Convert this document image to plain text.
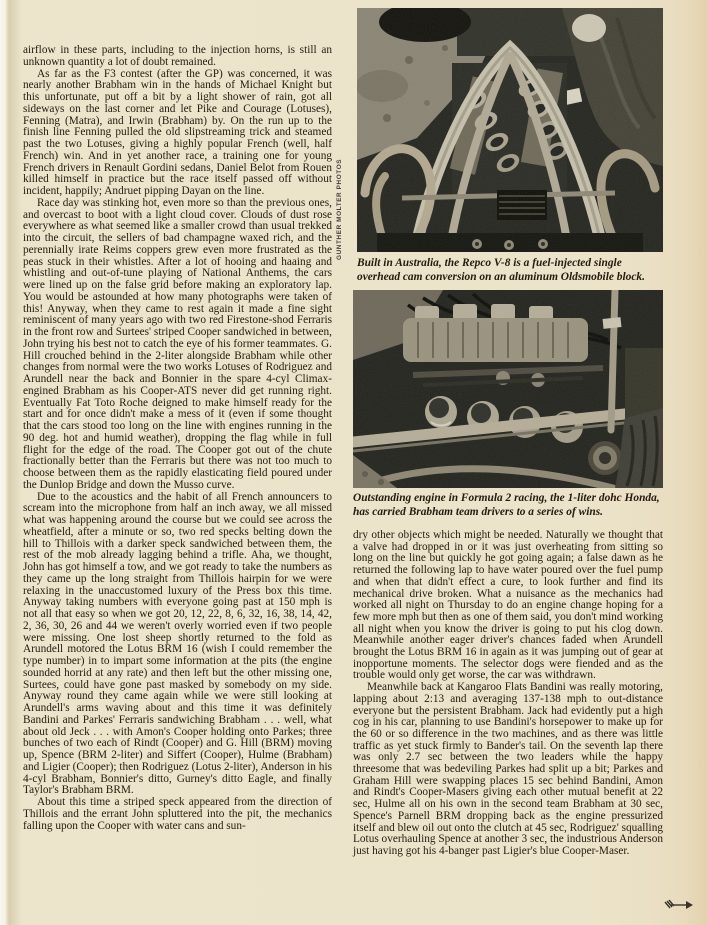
airflow in these parts, including to the injection horns, is still an unknown quantity a lot of doubt remained.

As far as the F3 contest (after the GP) was concerned, it was nearly another Brabham win in the hands of Michael Knight but this unfortunate, put off a bit by a light shower of rain, got all sideways on the last corner and let Pike and Courage (Lotuses), Fenning (Matra), and Irwin (Brabham) by. On the run up to the finish line Fenning pulled the old slipstreaming trick and steamed past the two Lotuses, giving a highly popular French (well, half French) win. And in yet another race, a training one for young French drivers in Renault Gordini sedans, Daniel Belot from Rouen killed himself in practice but the race itself passed off without incident, happily; Andruet pipping Dayan on the line.

Race day was stinking hot, even more so than the previous ones, and overcast to boot with a light cloud cover. Clouds of dust rose everywhere as what seemed like a smaller crowd than usual trekked into the circuit, the sellers of bad champagne waxed rich, and the perennially irate Reims coppers grew even more frustrated as the peas stuck in their whistles. After a lot of hooing and haaing and whistling and out-of-tune playing of National Anthems, the cars were lined up on the false grid before making an exploratory lap. You would be astounded at how many photographs were taken of this! Anyway, when they came to rest again it made a fine sight reminiscent of many years ago with two red Firestone-shod Ferraris in the front row and Surtees' striped Cooper sandwiched in between, John trying his best not to catch the eye of his former teammates. G. Hill crouched behind in the 2-liter alongside Brabham while other changes from normal were the two works Lotuses of Rodriguez and Arundell near the back and Bonnier in the spare 4-cyl Climax-engined Brabham as his Cooper-ATS never did get running right. Eventually Fat Toto Roche deigned to make himself ready for the start and for once didn't make a mess of it (even if some thought that the cars stood too long on the line with engines running in the 90 deg. hot and humid weather), dropping the flag while in full flight for the edge of the road. The Cooper got out of the chute fractionally better than the Ferraris but there was not too much to choose between them as the rapidly elasticating field poured under the Dunlop Bridge and down the Musso curve.

Due to the acoustics and the habit of all French announcers to scream into the microphone from half an inch away, we all missed what was happening around the course but we could see across the wheatfield, after a minute or so, two red specks belting down the hill to Thillois with a darker speck sandwiched between them, the rest of the mob already lagging behind a trifle. Aha, we thought, John has got himself a tow, and we got ready to take the numbers as they came up the long straight from Thillois hairpin for we were relaxing in the unaccustomed luxury of the Press box this time. Anyway taking numbers with everyone going past at 150 mph is not all that easy so when we got 20, 12, 22, 8, 6, 32, 16, 38, 14, 42, 2, 36, 30, 26 and 44 we weren't overly worried even if two people were missing. One lost sheep shortly returned to the fold as Arundell motored the Lotus BRM 16 (wish I could remember the type number) in to impart some information at the pits (the engine sounded horrid at any rate) and then left but the other missing one, Surtees, could have gone past masked by somebody on my side. Anyway round they came again while we were still looking at Arundell's arms waving about and this time it was definitely Bandini and Parkes' Ferraris sandwiching Brabham . . . well, what about old Jeck . . . with Amon's Cooper holding onto Parkes; three bunches of two each of Rindt (Cooper) and G. Hill (BRM) moving up, Spence (BRM 2-liter) and Siffert (Cooper), Hulme (Brabham) and Ligier (Cooper); then Rodriguez (Lotus 2-liter), Anderson in his 4-cyl Brabham, Bonnier's ditto, Gurney's ditto Eagle, and finally Taylor's Brabham BRM.

About this time a striped speck appeared from the direction of Thillois and the errant John spluttered into the pit, the mechanics falling upon the Cooper with water cans and sun-

GUNTHER MOLTER PHOTOS
Built in Australia, the Repco V-8 is a fuel-injected single overhead cam conversion on an aluminum Oldsmobile block.
Outstanding engine in Formula 2 racing, the 1-liter dohc Honda, has carried Brabham team drivers to a series of wins.

dry other objects which might be needed. Naturally we thought that a valve had dropped in or it was just overheating from sitting so long on the line but quickly he got going again; a false dawn as he returned the following lap to have water poured over the fuel pump and when that didn't effect a cure, to look further and find its mechanical drive broken. What a nuisance as the mechanics had worked all night on Thursday to do an engine change hoping for a few more mph but then as one of them said, you don't mind working all night when you know the driver is going to put his clog down. Meanwhile another eager driver's chances faded when Arundell brought the Lotus BRM 16 in again as it was jumping out of gear at inopportune moments. The selector dogs were fiended and as the trouble would only get worse, the car was withdrawn.

Meanwhile back at Kangaroo Flats Bandini was really motoring, lapping about 2:13 and averaging 137-138 mph to out-distance everyone but the persistent Brabham. Jack had evidently put a high cog in his car, planning to use Bandini's horsepower to make up for the 60 or so difference in the two machines, and as there was little traffic as yet stuck firmly to Bander's tail. On the seventh lap there was only 2.7 sec between the two leaders while the happy threesome that was bedeviling Parkes had split up a bit; Parkes and Graham Hill were swapping places 15 sec behind Bandini, Amon and Rindt's Cooper-Masers giving each other mutual benefit at 22 sec, Hulme all on his own in the second team Brabham at 30 sec, Spence's Parnell BRM dropping back as the engine pressurized itself and blew oil out onto the clutch at 45 sec, Rodriguez' squalling Lotus overhauling Spence at another 3 sec, the industrious Anderson just having got his 4-banger past Ligier's blue Cooper-Maser.
